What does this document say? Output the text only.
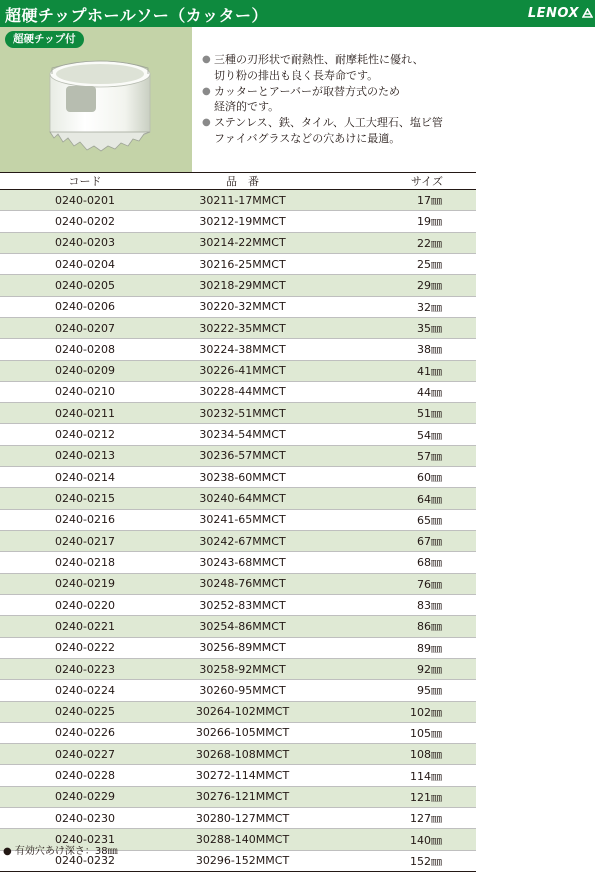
超硬チップホールソー（カッター）	LENOX
超硬チップ付
● 三種の刃形状で耐熱性、耐摩耗性に優れ、
切り粉の排出も良く長寿命です。
● カッターとアーバーが取替方式のため
経済的です。
● ステンレス、鉄、タイル、人工大理石、塩ビ管
ファイバグラスなどの穴あけに最適。
コード	品　番	サイズ
0240-0201	30211-17MMCT	17㎜
0240-0202	30212-19MMCT	19㎜
0240-0203	30214-22MMCT	22㎜
0240-0204	30216-25MMCT	25㎜
0240-0205	30218-29MMCT	29㎜
0240-0206	30220-32MMCT	32㎜
0240-0207	30222-35MMCT	35㎜
0240-0208	30224-38MMCT	38㎜
0240-0209	30226-41MMCT	41㎜
0240-0210	30228-44MMCT	44㎜
0240-0211	30232-51MMCT	51㎜
0240-0212	30234-54MMCT	54㎜
0240-0213	30236-57MMCT	57㎜
0240-0214	30238-60MMCT	60㎜
0240-0215	30240-64MMCT	64㎜
0240-0216	30241-65MMCT	65㎜
0240-0217	30242-67MMCT	67㎜
0240-0218	30243-68MMCT	68㎜
0240-0219	30248-76MMCT	76㎜
0240-0220	30252-83MMCT	83㎜
0240-0221	30254-86MMCT	86㎜
0240-0222	30256-89MMCT	89㎜
0240-0223	30258-92MMCT	92㎜
0240-0224	30260-95MMCT	95㎜
0240-0225	30264-102MMCT	102㎜
0240-0226	30266-105MMCT	105㎜
0240-0227	30268-108MMCT	108㎜
0240-0228	30272-114MMCT	114㎜
0240-0229	30276-121MMCT	121㎜
0240-0230	30280-127MMCT	127㎜
0240-0231	30288-140MMCT	140㎜
0240-0232	30296-152MMCT	152㎜
● 有効穴あけ深さ：38㎜
